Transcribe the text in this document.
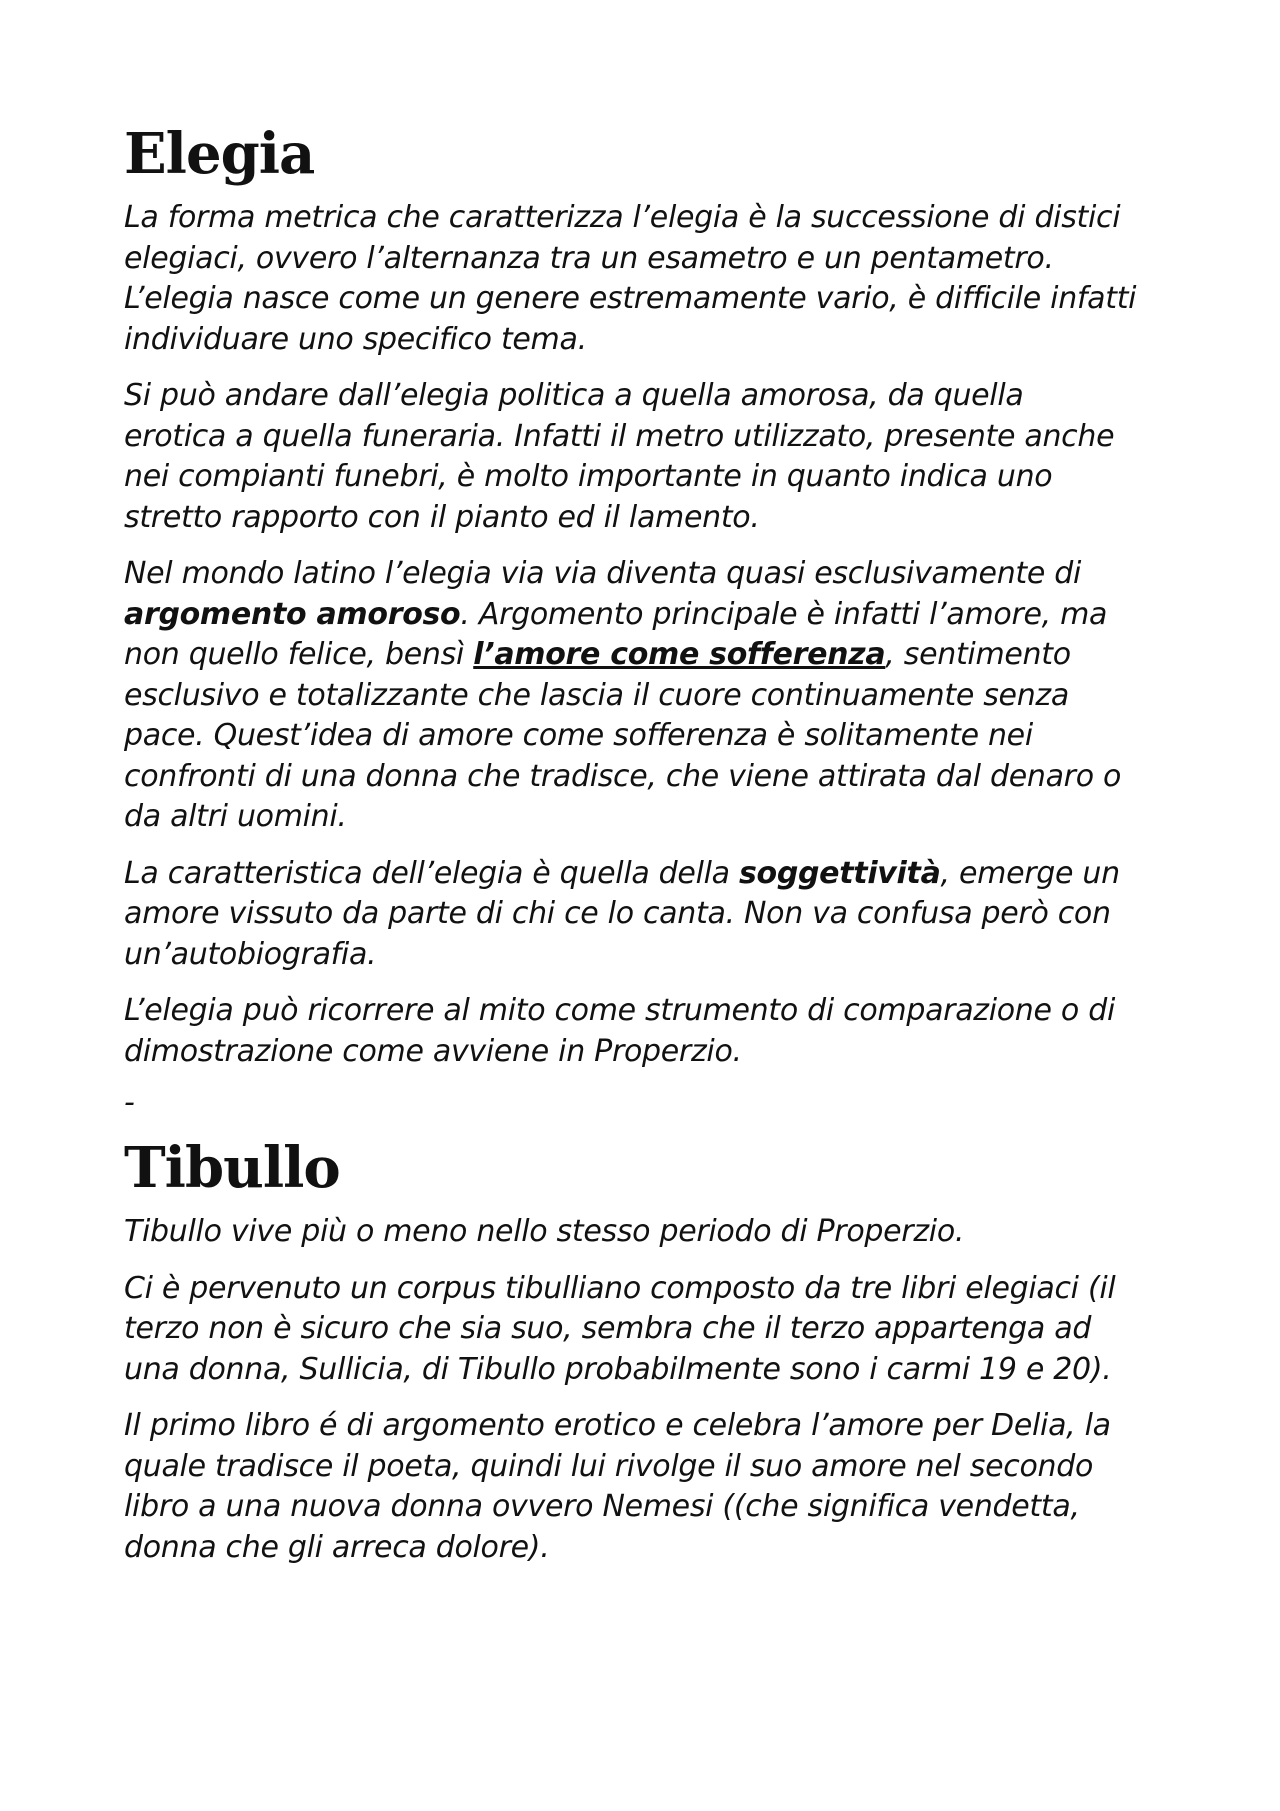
Elegia
La forma metrica che caratterizza l’elegia è la successione di distici
elegiaci, ovvero l’alternanza tra un esametro e un pentametro.
L’elegia nasce come un genere estremamente vario, è difficile infatti
individuare uno specifico tema.
Si può andare dall’elegia politica a quella amorosa, da quella
erotica a quella funeraria. Infatti il metro utilizzato, presente anche
nei compianti funebri, è molto importante in quanto indica uno
stretto rapporto con il pianto ed il lamento.
Nel mondo latino l’elegia via via diventa quasi esclusivamente di
argomento amoroso. Argomento principale è infatti l’amore, ma
non quello felice, bensì l’amore come sofferenza, sentimento
esclusivo e totalizzante che lascia il cuore continuamente senza
pace. Quest’idea di amore come sofferenza è solitamente nei
confronti di una donna che tradisce, che viene attirata dal denaro o
da altri uomini.
La caratteristica dell’elegia è quella della soggettività, emerge un
amore vissuto da parte di chi ce lo canta. Non va confusa però con
un’autobiografia.
L’elegia può ricorrere al mito come strumento di comparazione o di
dimostrazione come avviene in Properzio.
-
Tibullo
Tibullo vive più o meno nello stesso periodo di Properzio.
Ci è pervenuto un corpus tibulliano composto da tre libri elegiaci (il
terzo non è sicuro che sia suo, sembra che il terzo appartenga ad
una donna, Sullicia, di Tibullo probabilmente sono i carmi 19 e 20).
Il primo libro é di argomento erotico e celebra l’amore per Delia, la
quale tradisce il poeta, quindi lui rivolge il suo amore nel secondo
libro a una nuova donna ovvero Nemesi ((che significa vendetta,
donna che gli arreca dolore).
